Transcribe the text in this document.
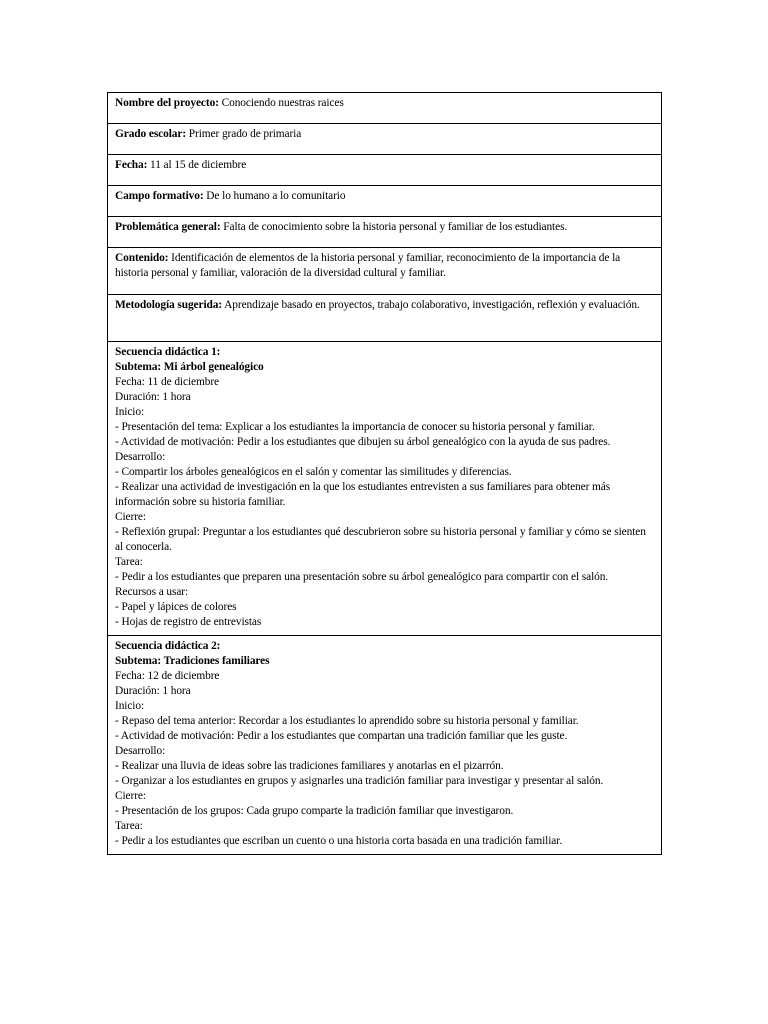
Nombre del proyecto: Conociendo nuestras raices
Grado escolar: Primer grado de primaria
Fecha: 11 al 15 de diciembre
Campo formativo: De lo humano a lo comunitario
Problemática general: Falta de conocimiento sobre la historia personal y familiar de los estudiantes.
Contenido: Identificación de elementos de la historia personal y familiar, reconocimiento de la importancia de la historia personal y familiar, valoración de la diversidad cultural y familiar.
Metodología sugerida: Aprendizaje basado en proyectos, trabajo colaborativo, investigación, reflexión y evaluación.

Secuencia didáctica 1:
Subtema: Mi árbol genealógico
Fecha: 11 de diciembre
Duración: 1 hora
Inicio:
- Presentación del tema: Explicar a los estudiantes la importancia de conocer su historia personal y familiar.
- Actividad de motivación: Pedir a los estudiantes que dibujen su árbol genealógico con la ayuda de sus padres.
Desarrollo:
- Compartir los árboles genealógicos en el salón y comentar las similitudes y diferencias.
- Realizar una actividad de investigación en la que los estudiantes entrevisten a sus familiares para obtener más información sobre su historia familiar.
Cierre:
- Reflexión grupal: Preguntar a los estudiantes qué descubrieron sobre su historia personal y familiar y cómo se sienten al conocerla.
Tarea:
- Pedir a los estudiantes que preparen una presentación sobre su árbol genealógico para compartir con el salón.
Recursos a usar:
- Papel y lápices de colores
- Hojas de registro de entrevistas

Secuencia didáctica 2:
Subtema: Tradiciones familiares
Fecha: 12 de diciembre
Duración: 1 hora
Inicio:
- Repaso del tema anterior: Recordar a los estudiantes lo aprendido sobre su historia personal y familiar.
- Actividad de motivación: Pedir a los estudiantes que compartan una tradición familiar que les guste.
Desarrollo:
- Realizar una lluvia de ideas sobre las tradiciones familiares y anotarlas en el pizarrón.
- Organizar a los estudiantes en grupos y asignarles una tradición familiar para investigar y presentar al salón.
Cierre:
- Presentación de los grupos: Cada grupo comparte la tradición familiar que investigaron.
Tarea:
- Pedir a los estudiantes que escriban un cuento o una historia corta basada en una tradición familiar.
